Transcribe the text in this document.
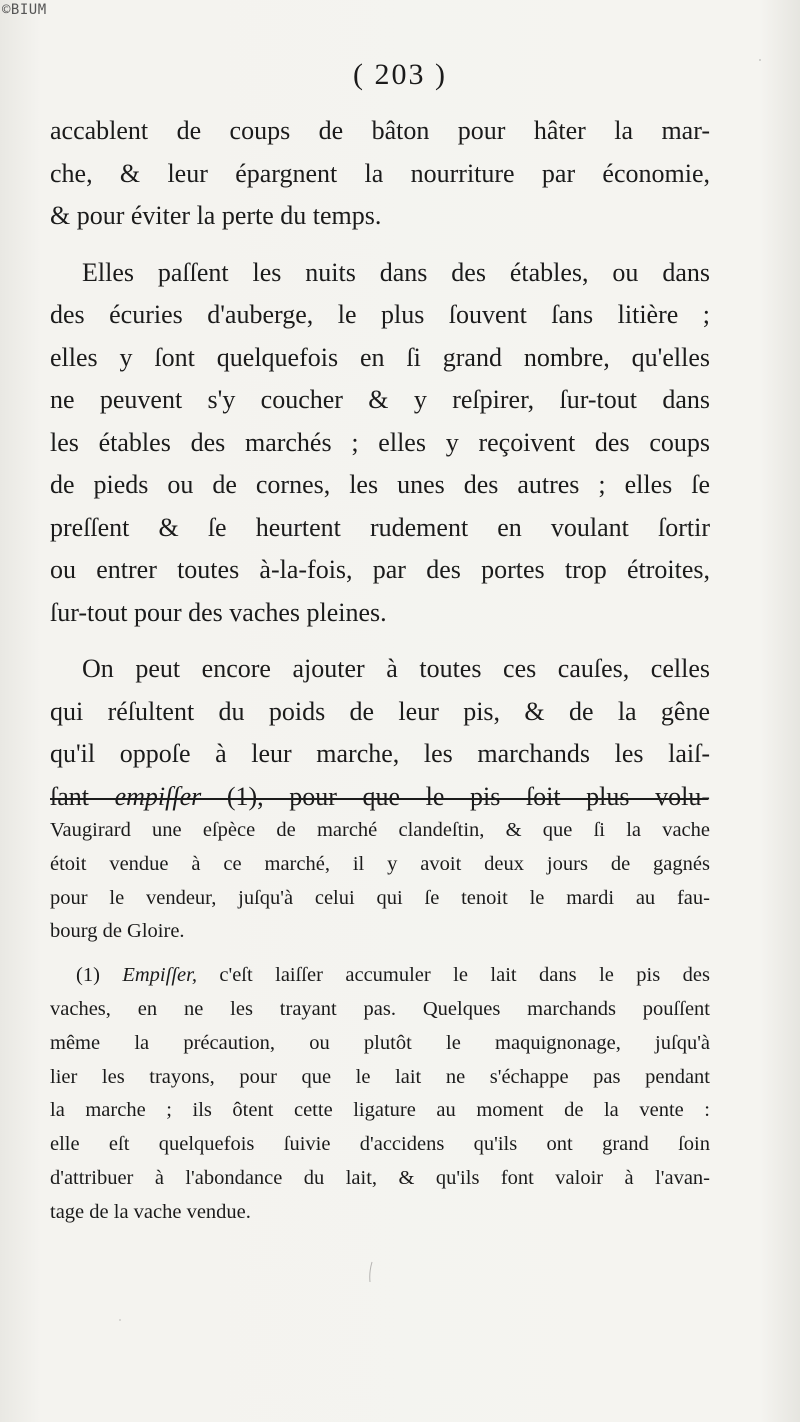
©BIUM
( 203 )
accablent de coups de bâton pour hâter la mar-
che, & leur épargnent la nourriture par économie,
& pour éviter la perte du temps.
Elles paſſent les nuits dans des étables, ou dans
des écuries d'auberge, le plus ſouvent ſans litière ;
elles y ſont quelquefois en ſi grand nombre, qu'elles
ne peuvent s'y coucher & y reſpirer, ſur-tout dans
les étables des marchés ; elles y reçoivent des coups
de pieds ou de cornes, les unes des autres ; elles ſe
preſſent & ſe heurtent rudement en voulant ſortir
ou entrer toutes à-la-fois, par des portes trop étroites,
ſur-tout pour des vaches pleines.
On peut encore ajouter à toutes ces cauſes, celles
qui réſultent du poids de leur pis, & de la gêne
qu'il oppoſe à leur marche, les marchands les laiſ-
ſant empiſſer (1), pour que le pis ſoit plus volu-
Vaugirard une eſpèce de marché clandeſtin, & que ſi la vache
étoit vendue à ce marché, il y avoit deux jours de gagnés
pour le vendeur, juſqu'à celui qui ſe tenoit le mardi au fau-
bourg de Gloire.
(1) Empiſſer, c'eſt laiſſer accumuler le lait dans le pis des
vaches, en ne les trayant pas. Quelques marchands pouſſent
même la précaution, ou plutôt le maquignonage, juſqu'à
lier les trayons, pour que le lait ne s'échappe pas pendant
la marche ; ils ôtent cette ligature au moment de la vente :
elle eſt quelquefois ſuivie d'accidens qu'ils ont grand ſoin
d'attribuer à l'abondance du lait, & qu'ils font valoir à l'avan-
tage de la vache vendue.
